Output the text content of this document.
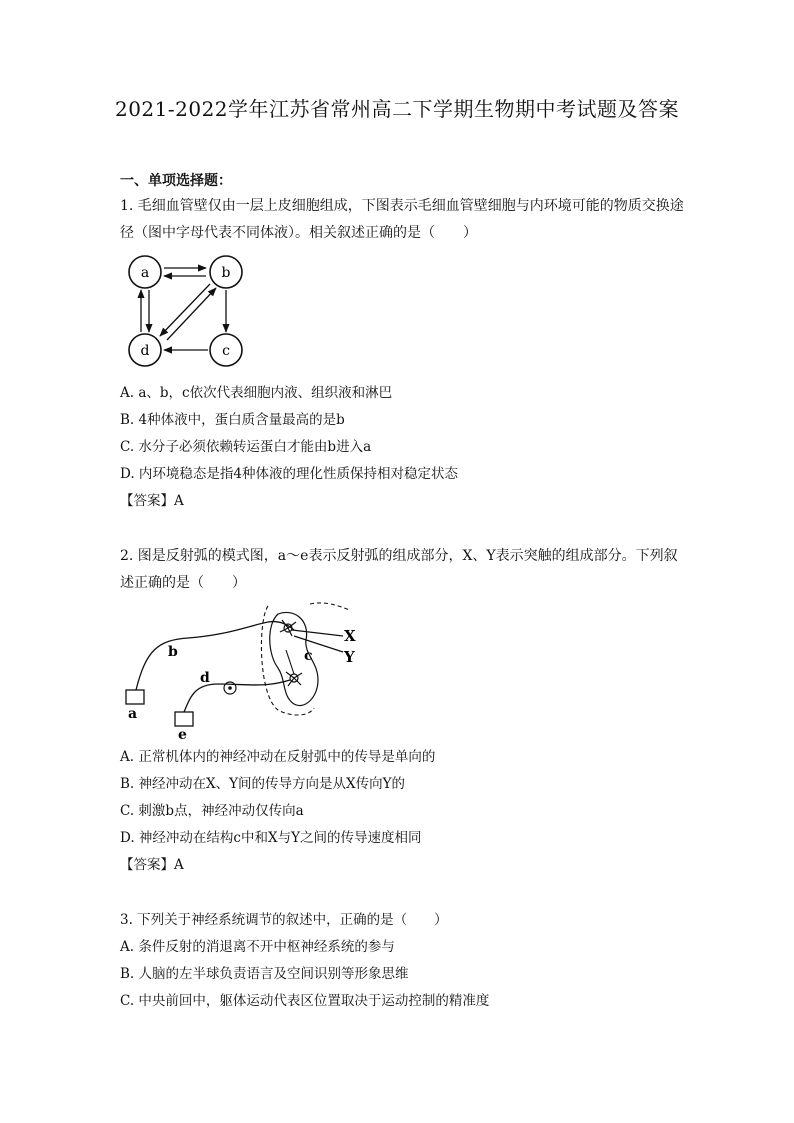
2021-2022学年江苏省常州高二下学期生物期中考试题及答案
一、单项选择题：
1. 毛细血管壁仅由一层上皮细胞组成，下图表示毛细血管壁细胞与内环境可能的物质交换途径（图中字母代表不同体液）。相关叙述正确的是（　　）
a	b
c
d
A. a、b，c依次代表细胞内液、组织液和淋巴
B. 4种体液中，蛋白质含量最高的是b
C. 水分子必须依赖转运蛋白才能由b进入a
D. 内环境稳态是指4种体液的理化性质保持相对稳定状态
【答案】A
2. 图是反射弧的模式图，a～e表示反射弧的组成部分，X、Y表示突触的组成部分。下列叙述正确的是（　　）
a
b	c
d
e
X
Y
A. 正常机体内的神经冲动在反射弧中的传导是单向的
B. 神经冲动在X、Y间的传导方向是从X传向Y的
C. 刺激b点，神经冲动仅传向a
D. 神经冲动在结构c中和X与Y之间的传导速度相同
【答案】A
3. 下列关于神经系统调节的叙述中，正确的是（　　）
A. 条件反射的消退离不开中枢神经系统的参与
B. 人脑的左半球负责语言及空间识别等形象思维
C. 中央前回中，躯体运动代表区位置取决于运动控制的精准度
